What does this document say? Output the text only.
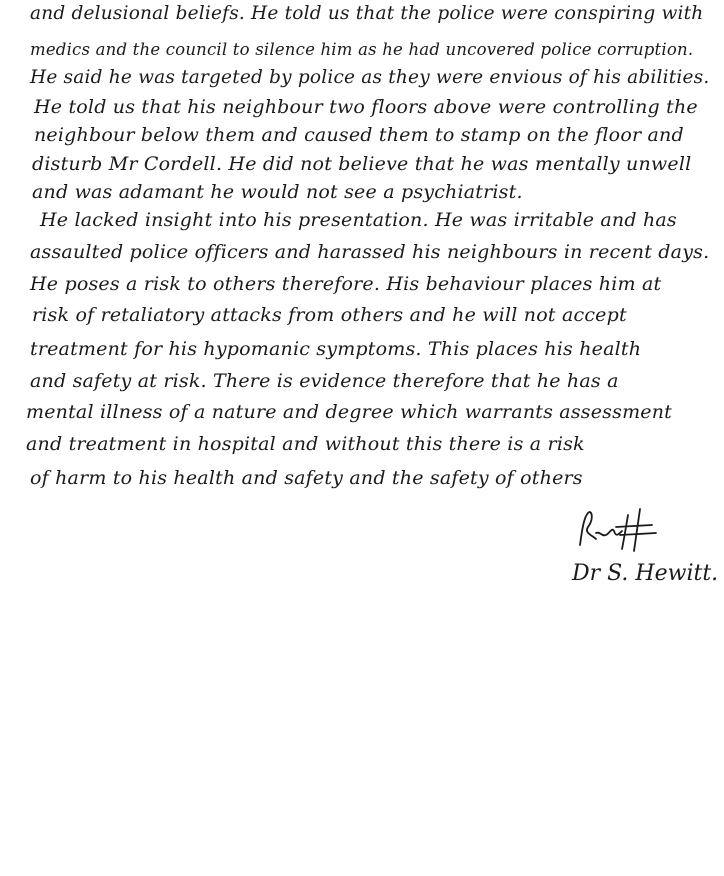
and delusional beliefs. He told us that the police were conspiring with
medics and the council to silence him as he had uncovered police corruption.
He said he was targeted by police as they were envious of his abilities.
He told us that his neighbour two floors above were controlling the
neighbour below them and caused them to stamp on the floor and
disturb Mr Cordell. He did not believe that he was mentally unwell
and was adamant he would not see a psychiatrist.
He lacked insight into his presentation. He was irritable and has
assaulted police officers and harassed his neighbours in recent days.
He poses a risk to others therefore. His behaviour places him at
risk of retaliatory attacks from others and he will not accept
treatment for his hypomanic symptoms. This places his health
and safety at risk. There is evidence therefore that he has a
mental illness of a nature and degree which warrants assessment
and treatment in hospital and without this there is a risk
of harm to his health and safety and the safety of others
Dr S. Hewitt.
